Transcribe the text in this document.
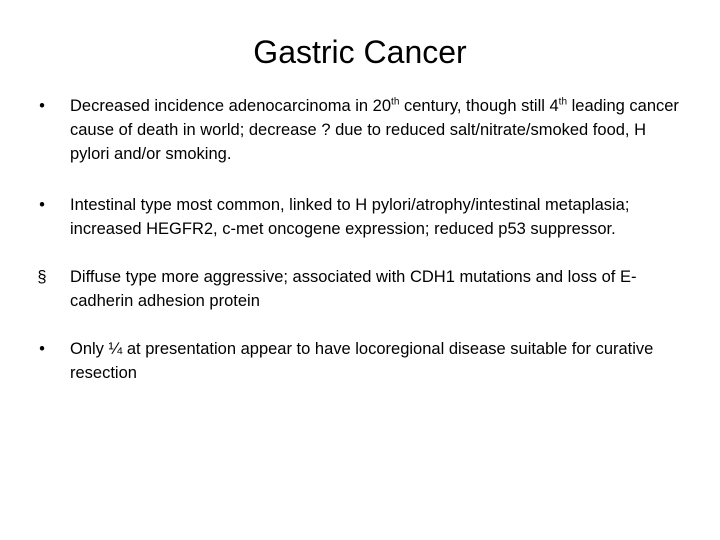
Gastric Cancer
•	Decreased incidence adenocarcinoma in 20th century, though still 4th leading cancer cause of death in world; decrease ? due to reduced salt/nitrate/smoked food, H pylori and/or smoking.
•	Intestinal type most common, linked to H pylori/atrophy/intestinal metaplasia; increased HEGFR2, c-met oncogene expression; reduced p53 suppressor.
§	Diffuse type more aggressive; associated with CDH1 mutations and loss of E- cadherin adhesion protein
•	Only ¼ at presentation appear to have locoregional disease suitable for curative resection
